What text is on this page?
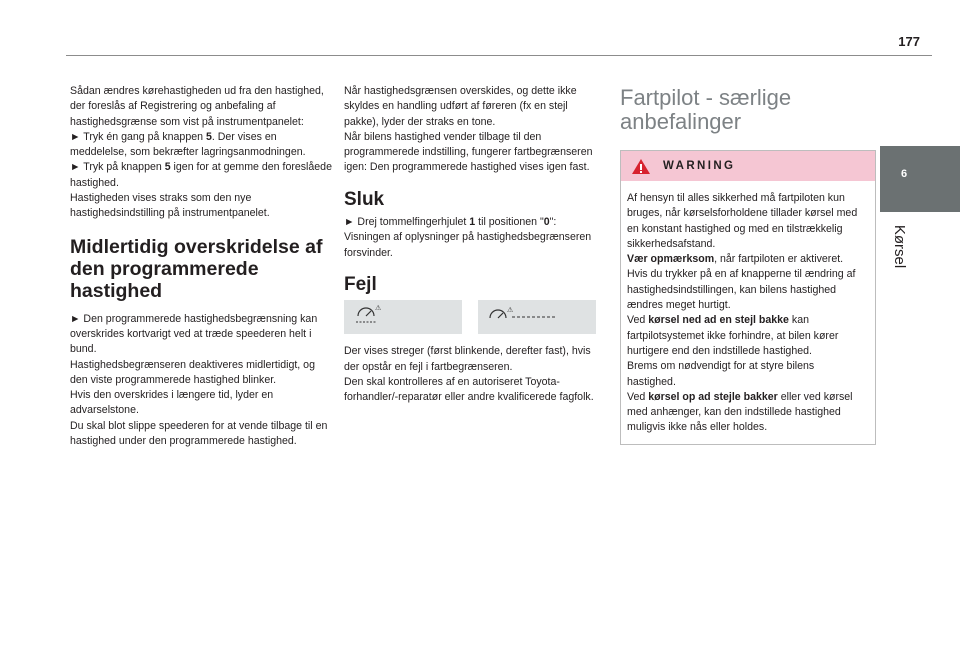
177
6
Kørsel

Sådan ændres kørehastigheden ud fra den hastighed, der foreslås af Registrering og anbefaling af hastighedsgrænse som vist på instrumentpanelet:

► Tryk én gang på knappen 5. Der vises en meddelelse, som bekræfter lagringsanmodningen.

► Tryk på knappen 5 igen for at gemme den foreslåede hastighed.

Hastigheden vises straks som den nye hastighedsindstilling på instrumentpanelet.

Midlertidig overskridelse af den programmerede hastighed

► Den programmerede hastighedsbegrænsning kan overskrides kortvarigt ved at træde speederen helt i bund.

Hastighedsbegrænseren deaktiveres midlertidigt, og den viste programmerede hastighed blinker.

Hvis den overskrides i længere tid, lyder en advarselstone.

Du skal blot slippe speederen for at vende tilbage til en hastighed under den programmerede hastighed.

Når hastighedsgrænsen overskides, og dette ikke skyldes en handling udført af føreren (fx en stejl pakke), lyder der straks en tone.

Når bilens hastighed vender tilbage til den programmerede indstilling, fungerer fartbegrænseren igen: Den programmerede hastighed vises igen fast.

Sluk

► Drej tommelfingerhjulet 1 til positionen "0": Visningen af oplysninger på hastighedsbegrænseren forsvinder.

Fejl
⚠	⚠

Der vises streger (først blinkende, derefter fast), hvis der opstår en fejl i fartbegrænseren.

Den skal kontrolleres af en autoriseret Toyota-forhandler/-reparatør eller andre kvalificerede fagfolk.

Fartpilot - særlige anbefalinger
WARNING

Af hensyn til alles sikkerhed må fartpiloten kun bruges, når kørselsforholdene tillader kørsel med en konstant hastighed og med en tilstrækkelig sikkerhedsafstand.

Vær opmærksom, når fartpiloten er aktiveret. Hvis du trykker på en af knapperne til ændring af hastighedsindstillingen, kan bilens hastighed ændres meget hurtigt.

Ved kørsel ned ad en stejl bakke kan fartpilotsystemet ikke forhindre, at bilen kører hurtigere end den indstillede hastighed.

Brems om nødvendigt for at styre bilens hastighed.

Ved kørsel op ad stejle bakker eller ved kørsel med anhænger, kan den indstillede hastighed muligvis ikke nås eller holdes.
